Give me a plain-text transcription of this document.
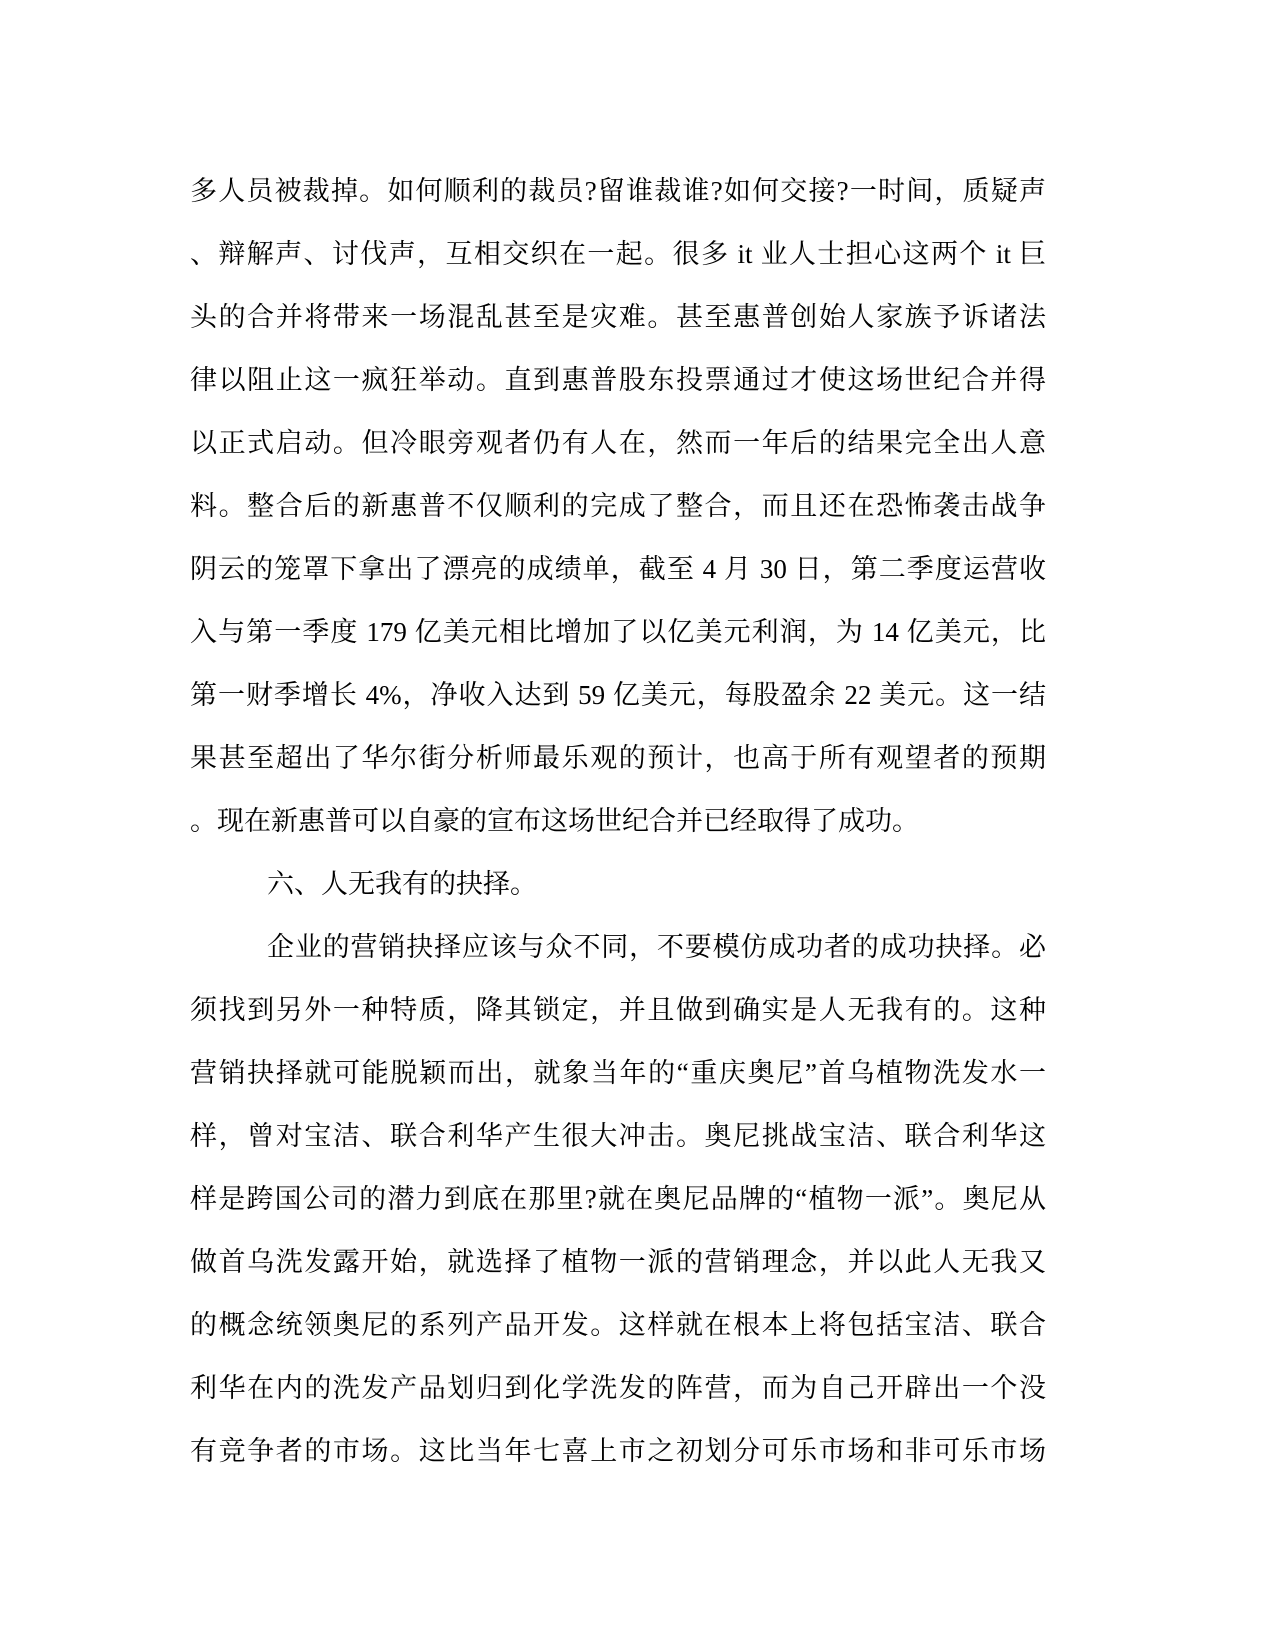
多人员被裁掉。如何顺利的裁员?留谁裁谁?如何交接?一时间，质疑声
、辩解声、讨伐声，互相交织在一起。很多 it 业人士担心这两个 it 巨
头的合并将带来一场混乱甚至是灾难。甚至惠普创始人家族予诉诸法
律以阻止这一疯狂举动。直到惠普股东投票通过才使这场世纪合并得
以正式启动。但冷眼旁观者仍有人在，然而一年后的结果完全出人意
料。整合后的新惠普不仅顺利的完成了整合，而且还在恐怖袭击战争
阴云的笼罩下拿出了漂亮的成绩单，截至 4 月 30 日，第二季度运营收
入与第一季度 179 亿美元相比增加了以亿美元利润，为 14 亿美元，比
第一财季增长 4%，净收入达到 59 亿美元，每股盈余 22 美元。这一结
果甚至超出了华尔街分析师最乐观的预计，也高于所有观望者的预期
。现在新惠普可以自豪的宣布这场世纪合并已经取得了成功。
六、人无我有的抉择。
企业的营销抉择应该与众不同，不要模仿成功者的成功抉择。必
须找到另外一种特质，降其锁定，并且做到确实是人无我有的。这种
营销抉择就可能脱颖而出，就象当年的“重庆奥尼”首乌植物洗发水一
样，曾对宝洁、联合利华产生很大冲击。奥尼挑战宝洁、联合利华这
样是跨国公司的潜力到底在那里?就在奥尼品牌的“植物一派”。奥尼从
做首乌洗发露开始，就选择了植物一派的营销理念，并以此人无我又
的概念统领奥尼的系列产品开发。这样就在根本上将包括宝洁、联合
利华在内的洗发产品划归到化学洗发的阵营，而为自己开辟出一个没
有竞争者的市场。这比当年七喜上市之初划分可乐市场和非可乐市场
